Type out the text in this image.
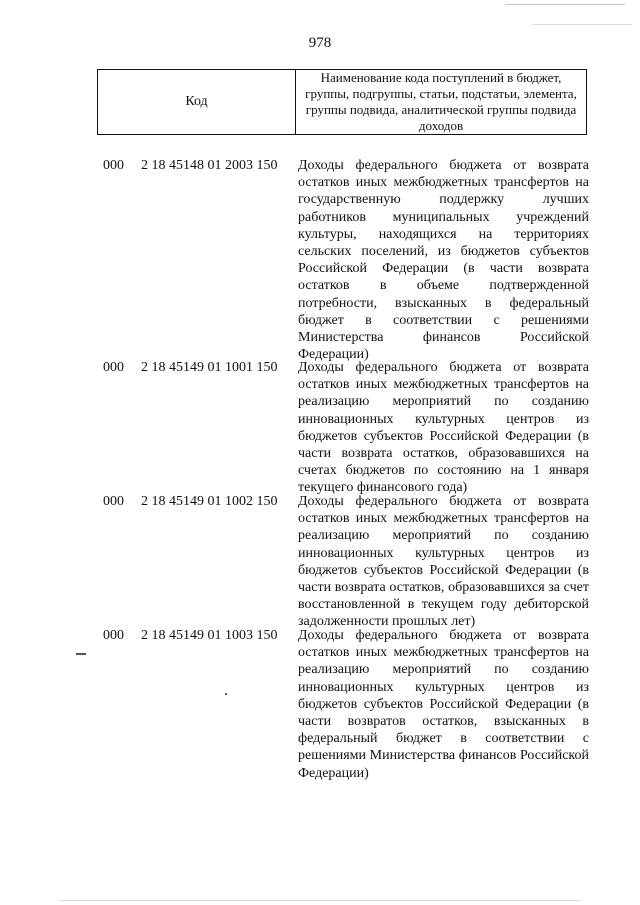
978
Код
Наименование кода поступлений в бюджет, группы, подгруппы, статьи, подстатьи, элемента, группы подвида, аналитической группы подвида доходов
000 2 18 45148 01 2003 150 Доходы федерального бюджета от возврата остатков иных межбюджетных трансфертов на государственную поддержку лучших работников муниципальных учреждений культуры, находящихся на территориях сельских поселений, из бюджетов субъектов Российской Федерации (в части возврата остатков в объеме подтвержденной потребности, взысканных в федеральный бюджет в соответствии с решениями Министерства финансов Российской Федерации)
000 2 18 45149 01 1001 150 Доходы федерального бюджета от возврата остатков иных межбюджетных трансфертов на реализацию мероприятий по созданию инновационных культурных центров из бюджетов субъектов Российской Федерации (в части возврата остатков, образовавшихся на счетах бюджетов по состоянию на 1 января текущего финансового года)
000 2 18 45149 01 1002 150 Доходы федерального бюджета от возврата остатков иных межбюджетных трансфертов на реализацию мероприятий по созданию инновационных культурных центров из бюджетов субъектов Российской Федерации (в части возврата остатков, образовавшихся за счет восстановленной в текущем году дебиторской задолженности прошлых лет)
000 2 18 45149 01 1003 150 Доходы федерального бюджета от возврата остатков иных межбюджетных трансфертов на реализацию мероприятий по созданию инновационных культурных центров из бюджетов субъектов Российской Федерации (в части возвратов остатков, взысканных в федеральный бюджет в соответствии с решениями Министерства финансов Российской Федерации)
